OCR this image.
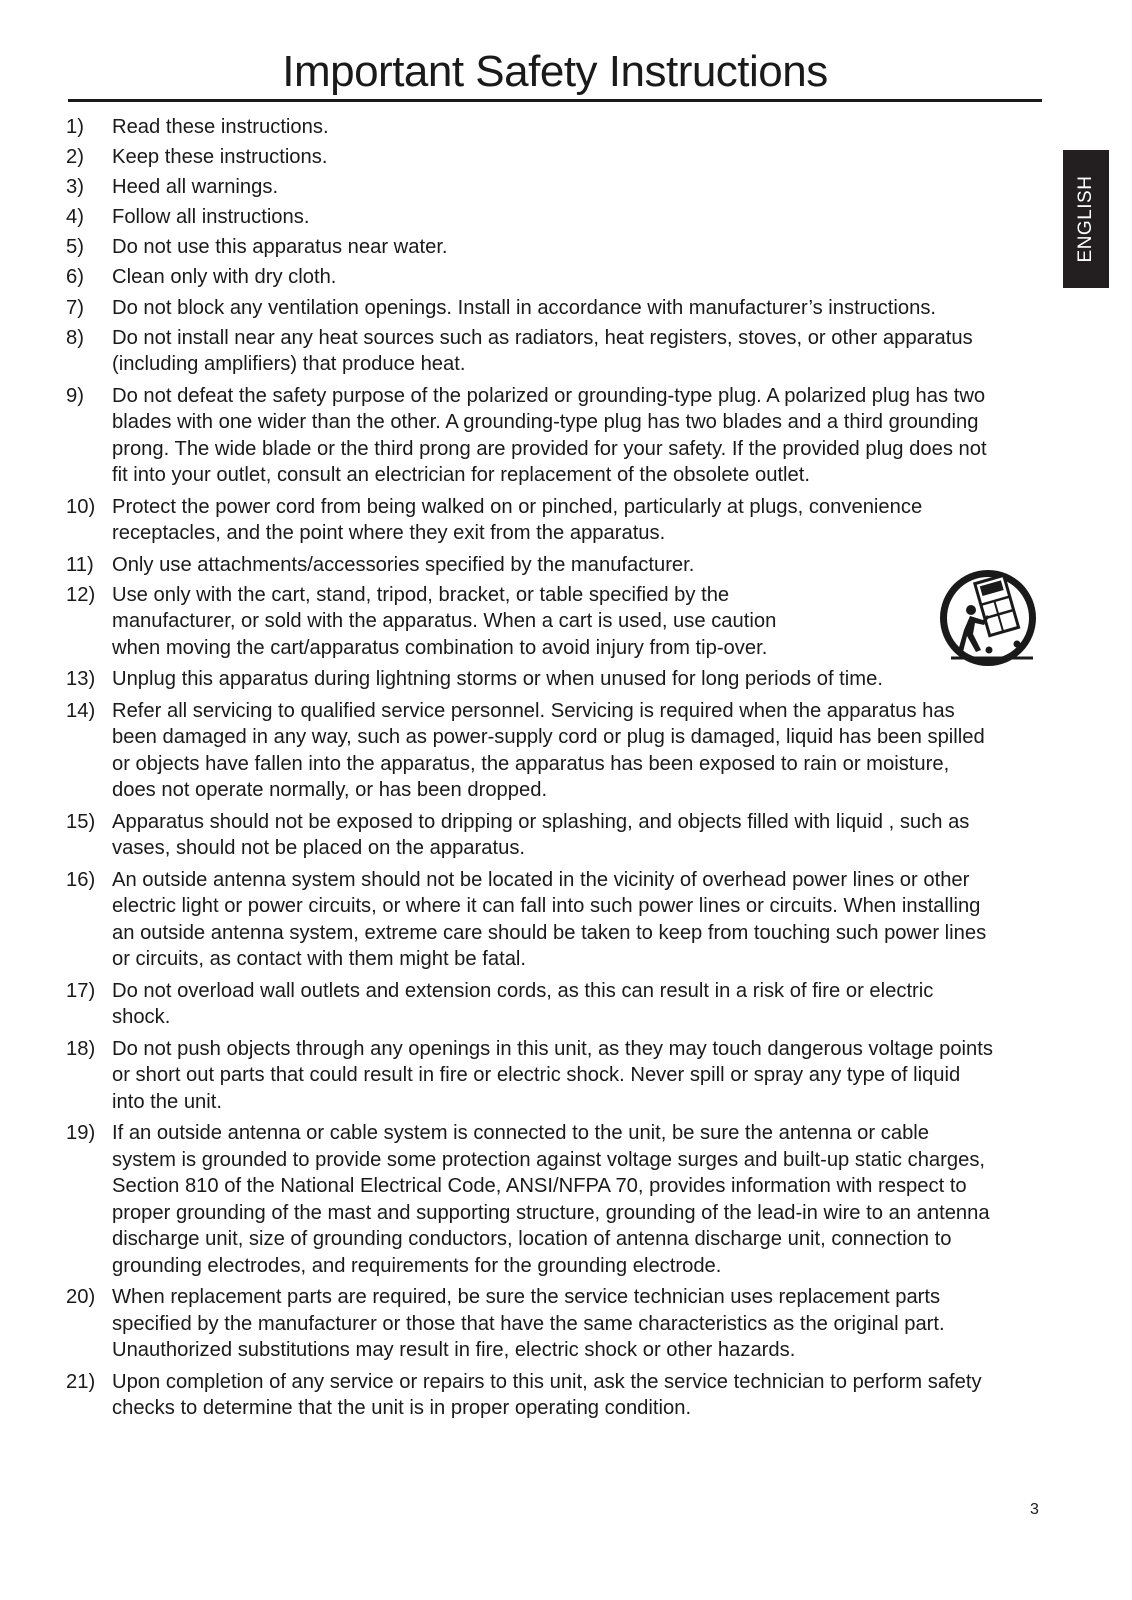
Important Safety Instructions
ENGLISH
1) Read these instructions.
2) Keep these instructions.
3) Heed all warnings.
4) Follow all instructions.
5) Do not use this apparatus near water.
6) Clean only with dry cloth.
7) Do not block any ventilation openings. Install in accordance with manufacturer’s instructions.
8) Do not install near any heat sources such as radiators, heat registers, stoves, or other apparatus (including amplifiers) that produce heat.
9) Do not defeat the safety purpose of the polarized or grounding-type plug. A polarized plug has two blades with one wider than the other. A grounding-type plug has two blades and a third grounding prong. The wide blade or the third prong are provided for your safety. If the provided plug does not fit into your outlet, consult an electrician for replacement of the obsolete outlet.
10) Protect the power cord from being walked on or pinched, particularly at plugs, convenience receptacles, and the point where they exit from the apparatus.
11) Only use attachments/accessories specified by the manufacturer.
12) Use only with the cart, stand, tripod, bracket, or table specified by the manufacturer, or sold with the apparatus. When a cart is used, use caution when moving the cart/apparatus combination to avoid injury from tip-over.
13) Unplug this apparatus during lightning storms or when unused for long periods of time.
14) Refer all servicing to qualified service personnel. Servicing is required when the apparatus has been damaged in any way, such as power-supply cord or plug is damaged, liquid has been spilled or objects have fallen into the apparatus, the apparatus has been exposed to rain or moisture, does not operate normally, or has been dropped.
15) Apparatus should not be exposed to dripping or splashing, and objects filled with liquid , such as vases, should not be placed on the apparatus.
16) An outside antenna system should not be located in the vicinity of overhead power lines or other electric light or power circuits, or where it can fall into such power lines or circuits. When installing an outside antenna system, extreme care should be taken to keep from touching such power lines or circuits, as contact with them might be fatal.
17) Do not overload wall outlets and extension cords, as this can result in a risk of fire or electric shock.
18) Do not push objects through any openings in this unit, as they may touch dangerous voltage points or short out parts that could result in fire or electric shock. Never spill or spray any type of liquid into the unit.
19) If an outside antenna or cable system is connected to the unit, be sure the antenna or cable system is grounded to provide some protection against voltage surges and built-up static charges, Section 810 of the National Electrical Code, ANSI/NFPA 70, provides information with respect to proper grounding of the mast and supporting structure, grounding of the lead-in wire to an antenna discharge unit, size of grounding conductors, location of antenna discharge unit, connection to grounding electrodes, and requirements for the grounding electrode.
20) When replacement parts are required, be sure the service technician uses replacement parts specified by the manufacturer or those that have the same characteristics as the original part. Unauthorized substitutions may result in fire, electric shock or other hazards.
21) Upon completion of any service or repairs to this unit, ask the service technician to perform safety checks to determine that the unit is in proper operating condition.
3
